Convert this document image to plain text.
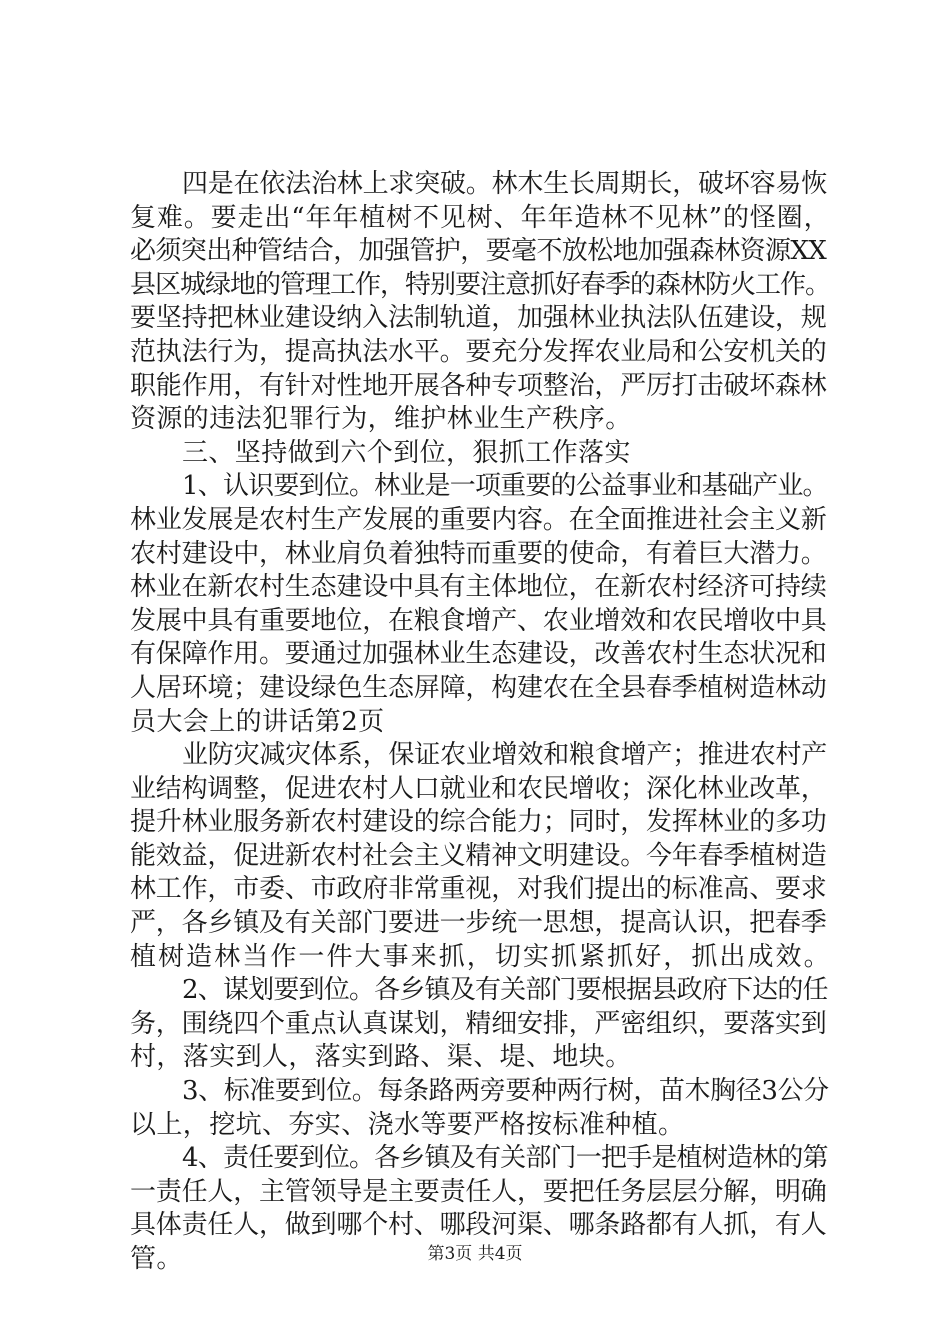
四是在依法治林上求突破。林木生长周期长，破坏容易恢
复难。要走出“年年植树不见树、年年造林不见林”的怪圈，
必须突出种管结合，加强管护，要毫不放松地加强森林资源XX
县区城绿地的管理工作，特别要注意抓好春季的森林防火工作。
要坚持把林业建设纳入法制轨道，加强林业执法队伍建设，规
范执法行为，提高执法水平。要充分发挥农业局和公安机关的
职能作用，有针对性地开展各种专项整治，严厉打击破坏森林
资源的违法犯罪行为，维护林业生产秩序。
三、坚持做到六个到位，狠抓工作落实
1、认识要到位。林业是一项重要的公益事业和基础产业。
林业发展是农村生产发展的重要内容。在全面推进社会主义新
农村建设中，林业肩负着独特而重要的使命，有着巨大潜力。
林业在新农村生态建设中具有主体地位，在新农村经济可持续
发展中具有重要地位，在粮食增产、农业增效和农民增收中具
有保障作用。要通过加强林业生态建设，改善农村生态状况和
人居环境；建设绿色生态屏障，构建农在全县春季植树造林动
员大会上的讲话第2页
业防灾减灾体系，保证农业增效和粮食增产；推进农村产
业结构调整，促进农村人口就业和农民增收；深化林业改革，
提升林业服务新农村建设的综合能力；同时，发挥林业的多功
能效益，促进新农村社会主义精神文明建设。今年春季植树造
林工作，市委、市政府非常重视，对我们提出的标准高、要求
严，各乡镇及有关部门要进一步统一思想，提高认识，把春季
植树造林当作一件大事来抓，切实抓紧抓好，抓出成效。
2、谋划要到位。各乡镇及有关部门要根据县政府下达的任
务，围绕四个重点认真谋划，精细安排，严密组织，要落实到
村，落实到人，落实到路、渠、堤、地块。
3、标准要到位。每条路两旁要种两行树，苗木胸径3公分
以上，挖坑、夯实、浇水等要严格按标准种植。
4、责任要到位。各乡镇及有关部门一把手是植树造林的第
一责任人，主管领导是主要责任人，要把任务层层分解，明确
具体责任人，做到哪个村、哪段河渠、哪条路都有人抓，有人
管。	第3页 共4页
